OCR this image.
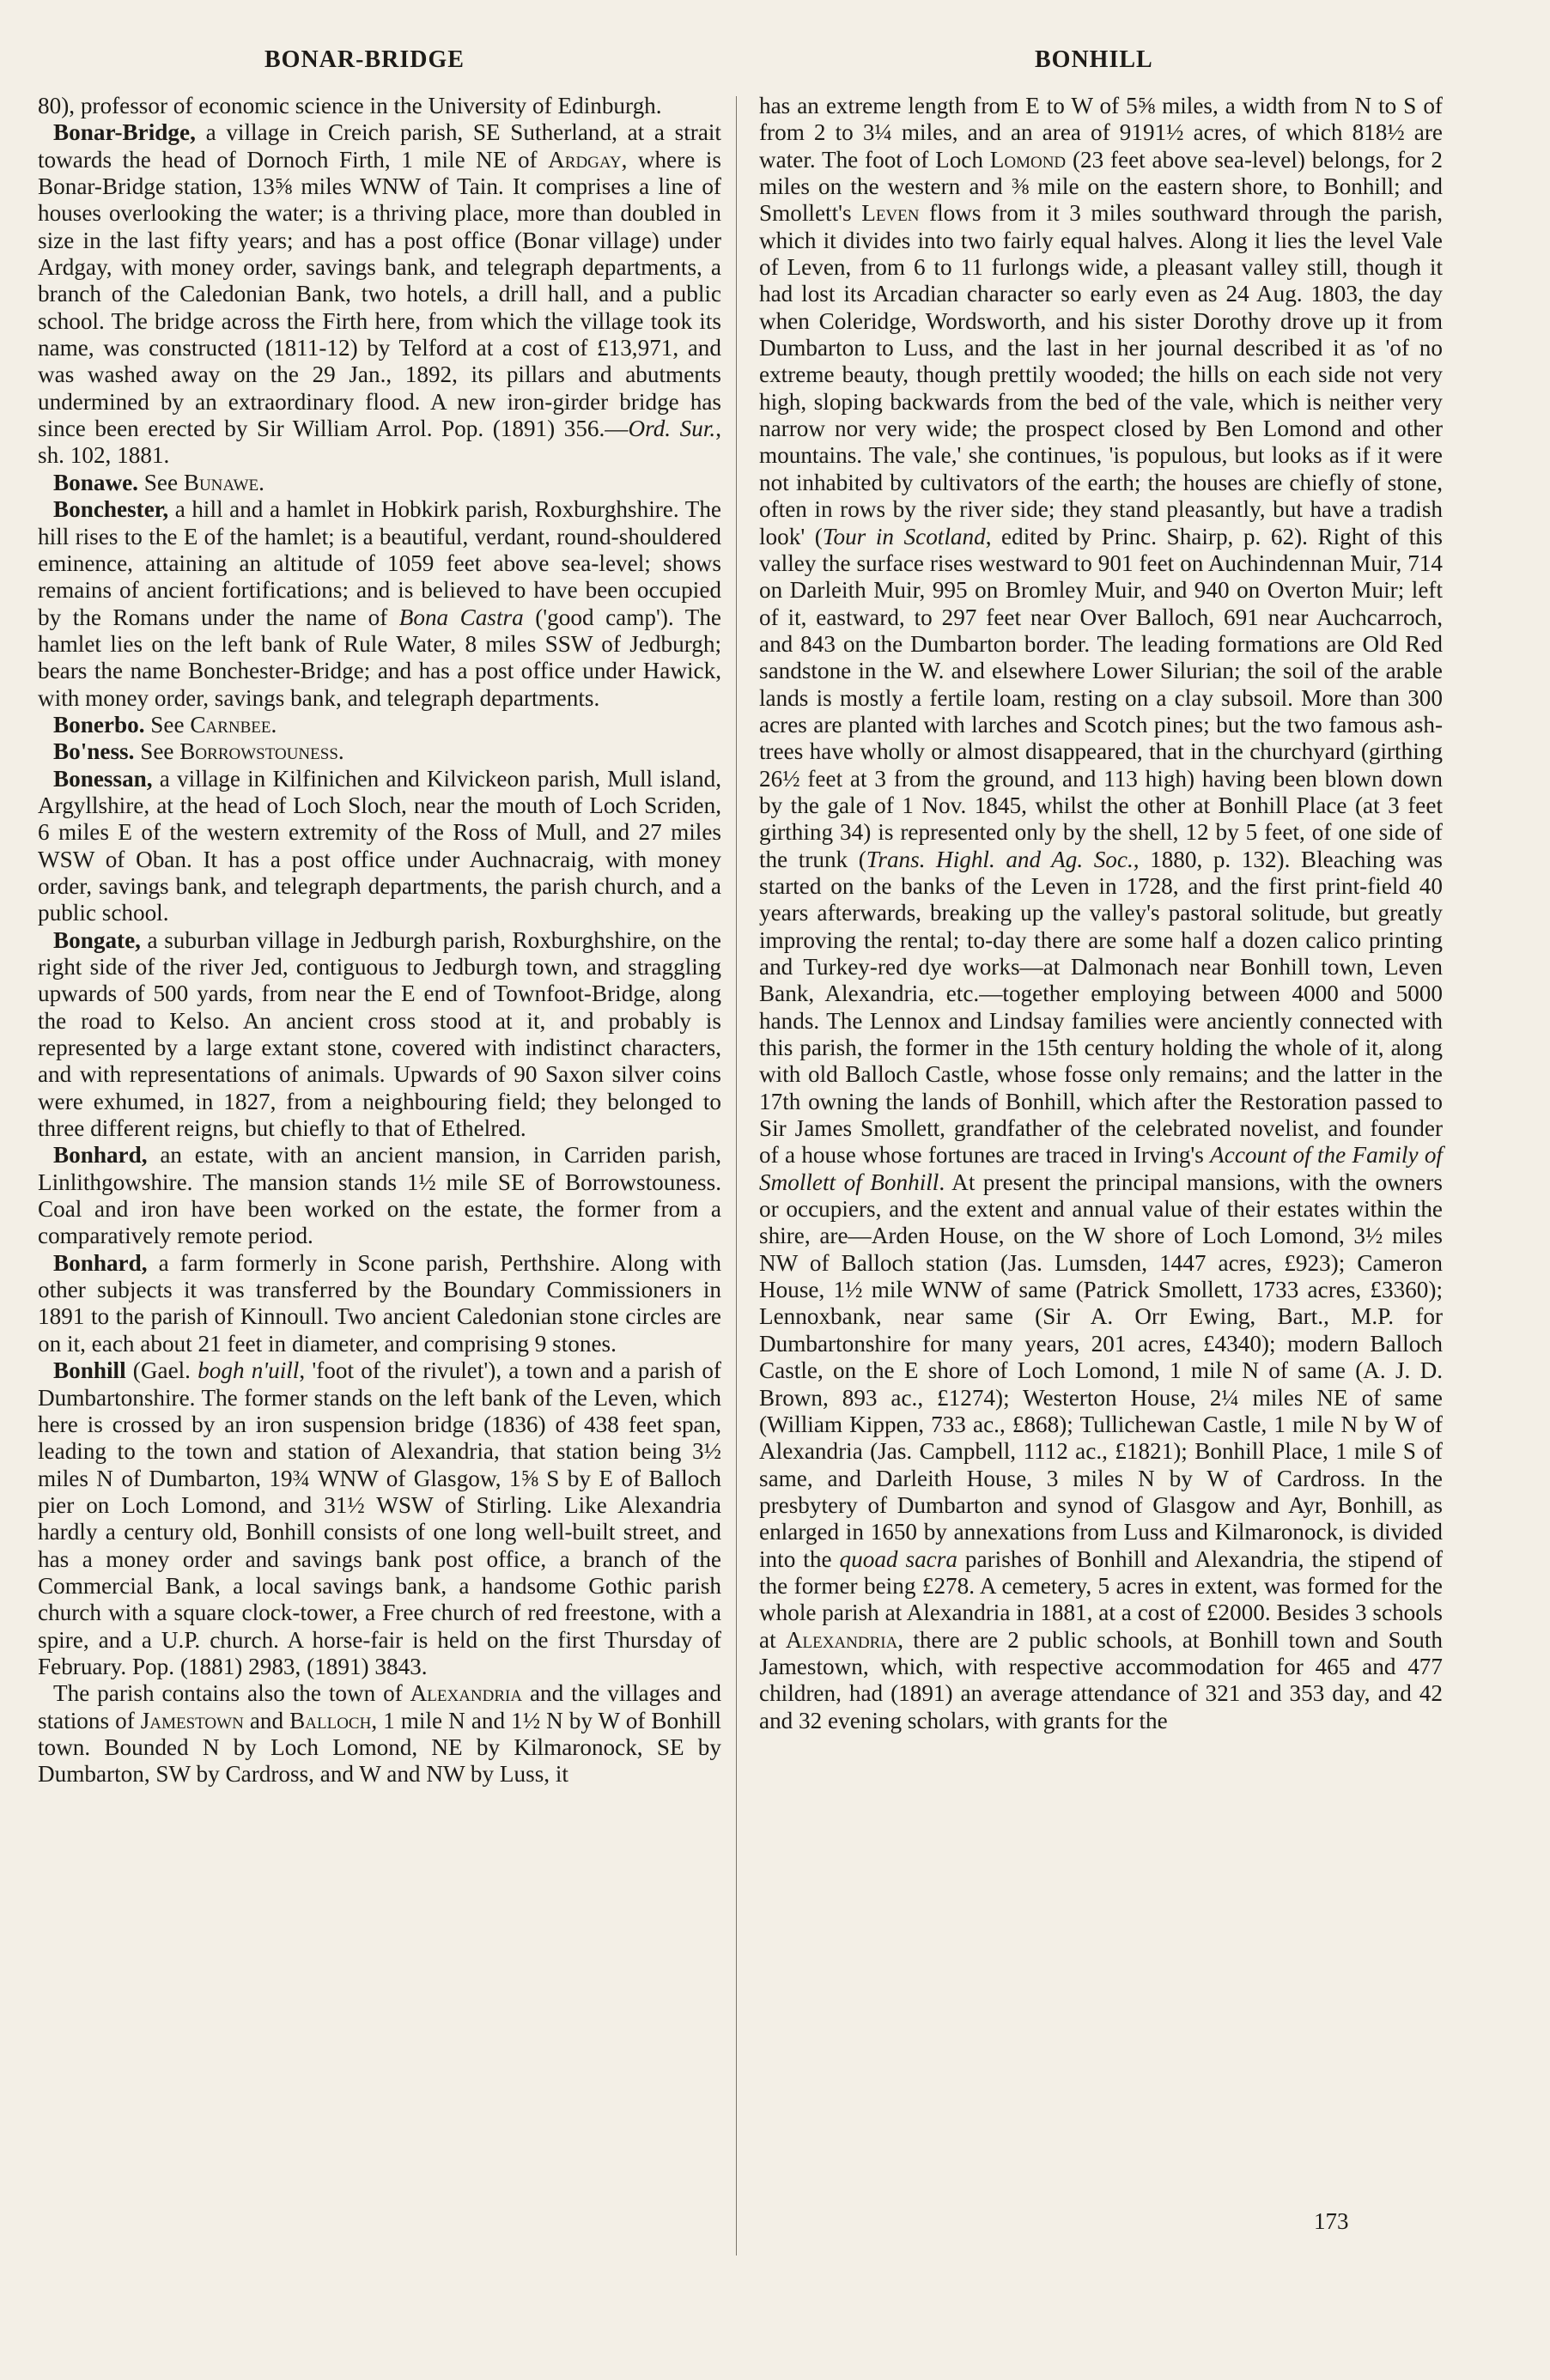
BONAR-BRIDGE	BONHILL

80), professor of economic science in the University of Edinburgh.

Bonar-Bridge, a village in Creich parish, SE Sutherland, at a strait towards the head of Dornoch Firth, 1 mile NE of Ardgay, where is Bonar-Bridge station, 13⅝ miles WNW of Tain. It comprises a line of houses overlooking the water; is a thriving place, more than doubled in size in the last fifty years; and has a post office (Bonar village) under Ardgay, with money order, savings bank, and telegraph departments, a branch of the Caledonian Bank, two hotels, a drill hall, and a public school. The bridge across the Firth here, from which the village took its name, was constructed (1811-12) by Telford at a cost of £13,971, and was washed away on the 29 Jan., 1892, its pillars and abutments undermined by an extraordinary flood. A new iron-girder bridge has since been erected by Sir William Arrol. Pop. (1891) 356.—Ord. Sur., sh. 102, 1881.

Bonawe. See Bunawe.

Bonchester, a hill and a hamlet in Hobkirk parish, Roxburghshire. The hill rises to the E of the hamlet; is a beautiful, verdant, round-shouldered eminence, attaining an altitude of 1059 feet above sea-level; shows remains of ancient fortifications; and is believed to have been occupied by the Romans under the name of Bona Castra ('good camp'). The hamlet lies on the left bank of Rule Water, 8 miles SSW of Jedburgh; bears the name Bonchester-Bridge; and has a post office under Hawick, with money order, savings bank, and telegraph departments.

Bonerbo. See Carnbee.

Bo'ness. See Borrowstouness.

Bonessan, a village in Kilfinichen and Kilvickeon parish, Mull island, Argyllshire, at the head of Loch Sloch, near the mouth of Loch Scriden, 6 miles E of the western extremity of the Ross of Mull, and 27 miles WSW of Oban. It has a post office under Auchnacraig, with money order, savings bank, and telegraph departments, the parish church, and a public school.

Bongate, a suburban village in Jedburgh parish, Roxburghshire, on the right side of the river Jed, contiguous to Jedburgh town, and straggling upwards of 500 yards, from near the E end of Townfoot-Bridge, along the road to Kelso. An ancient cross stood at it, and probably is represented by a large extant stone, covered with indistinct characters, and with representations of animals. Upwards of 90 Saxon silver coins were exhumed, in 1827, from a neighbouring field; they belonged to three different reigns, but chiefly to that of Ethelred.

Bonhard, an estate, with an ancient mansion, in Carriden parish, Linlithgowshire. The mansion stands 1½ mile SE of Borrowstouness. Coal and iron have been worked on the estate, the former from a comparatively remote period.

Bonhard, a farm formerly in Scone parish, Perthshire. Along with other subjects it was transferred by the Boundary Commissioners in 1891 to the parish of Kinnoull. Two ancient Caledonian stone circles are on it, each about 21 feet in diameter, and comprising 9 stones.

Bonhill (Gael. bogh n'uill, 'foot of the rivulet'), a town and a parish of Dumbartonshire. The former stands on the left bank of the Leven, which here is crossed by an iron suspension bridge (1836) of 438 feet span, leading to the town and station of Alexandria, that station being 3½ miles N of Dumbarton, 19¾ WNW of Glasgow, 1⅝ S by E of Balloch pier on Loch Lomond, and 31½ WSW of Stirling. Like Alexandria hardly a century old, Bonhill consists of one long well-built street, and has a money order and savings bank post office, a branch of the Commercial Bank, a local savings bank, a handsome Gothic parish church with a square clock-tower, a Free church of red freestone, with a spire, and a U.P. church. A horse-fair is held on the first Thursday of February. Pop. (1881) 2983, (1891) 3843.

The parish contains also the town of Alexandria and the villages and stations of Jamestown and Balloch, 1 mile N and 1½ N by W of Bonhill town. Bounded N by Loch Lomond, NE by Kilmaronock, SE by Dumbarton, SW by Cardross, and W and NW by Luss, it

has an extreme length from E to W of 5⅝ miles, a width from N to S of from 2 to 3¼ miles, and an area of 9191½ acres, of which 818½ are water. The foot of Loch Lomond (23 feet above sea-level) belongs, for 2 miles on the western and ⅜ mile on the eastern shore, to Bonhill; and Smollett's Leven flows from it 3 miles southward through the parish, which it divides into two fairly equal halves. Along it lies the level Vale of Leven, from 6 to 11 furlongs wide, a pleasant valley still, though it had lost its Arcadian character so early even as 24 Aug. 1803, the day when Coleridge, Wordsworth, and his sister Dorothy drove up it from Dumbarton to Luss, and the last in her journal described it as 'of no extreme beauty, though prettily wooded; the hills on each side not very high, sloping backwards from the bed of the vale, which is neither very narrow nor very wide; the prospect closed by Ben Lomond and other mountains. The vale,' she continues, 'is populous, but looks as if it were not inhabited by cultivators of the earth; the houses are chiefly of stone, often in rows by the river side; they stand pleasantly, but have a tradish look' (Tour in Scotland, edited by Princ. Shairp, p. 62). Right of this valley the surface rises westward to 901 feet on Auchindennan Muir, 714 on Darleith Muir, 995 on Bromley Muir, and 940 on Overton Muir; left of it, eastward, to 297 feet near Over Balloch, 691 near Auchcarroch, and 843 on the Dumbarton border. The leading formations are Old Red sandstone in the W. and elsewhere Lower Silurian; the soil of the arable lands is mostly a fertile loam, resting on a clay subsoil. More than 300 acres are planted with larches and Scotch pines; but the two famous ash-trees have wholly or almost disappeared, that in the churchyard (girthing 26½ feet at 3 from the ground, and 113 high) having been blown down by the gale of 1 Nov. 1845, whilst the other at Bonhill Place (at 3 feet girthing 34) is represented only by the shell, 12 by 5 feet, of one side of the trunk (Trans. Highl. and Ag. Soc., 1880, p. 132). Bleaching was started on the banks of the Leven in 1728, and the first print-field 40 years afterwards, breaking up the valley's pastoral solitude, but greatly improving the rental; to-day there are some half a dozen calico printing and Turkey-red dye works—at Dalmonach near Bonhill town, Leven Bank, Alexandria, etc.—together employing between 4000 and 5000 hands. The Lennox and Lindsay families were anciently connected with this parish, the former in the 15th century holding the whole of it, along with old Balloch Castle, whose fosse only remains; and the latter in the 17th owning the lands of Bonhill, which after the Restoration passed to Sir James Smollett, grandfather of the celebrated novelist, and founder of a house whose fortunes are traced in Irving's Account of the Family of Smollett of Bonhill. At present the principal mansions, with the owners or occupiers, and the extent and annual value of their estates within the shire, are—Arden House, on the W shore of Loch Lomond, 3½ miles NW of Balloch station (Jas. Lumsden, 1447 acres, £923); Cameron House, 1½ mile WNW of same (Patrick Smollett, 1733 acres, £3360); Lennoxbank, near same (Sir A. Orr Ewing, Bart., M.P. for Dumbartonshire for many years, 201 acres, £4340); modern Balloch Castle, on the E shore of Loch Lomond, 1 mile N of same (A. J. D. Brown, 893 ac., £1274); Westerton House, 2¼ miles NE of same (William Kippen, 733 ac., £868); Tullichewan Castle, 1 mile N by W of Alexandria (Jas. Campbell, 1112 ac., £1821); Bonhill Place, 1 mile S of same, and Darleith House, 3 miles N by W of Cardross. In the presbytery of Dumbarton and synod of Glasgow and Ayr, Bonhill, as enlarged in 1650 by annexations from Luss and Kilmaronock, is divided into the quoad sacra parishes of Bonhill and Alexandria, the stipend of the former being £278. A cemetery, 5 acres in extent, was formed for the whole parish at Alexandria in 1881, at a cost of £2000. Besides 3 schools at Alexandria, there are 2 public schools, at Bonhill town and South Jamestown, which, with respective accommodation for 465 and 477 children, had (1891) an average attendance of 321 and 353 day, and 42 and 32 evening scholars, with grants for the

173
